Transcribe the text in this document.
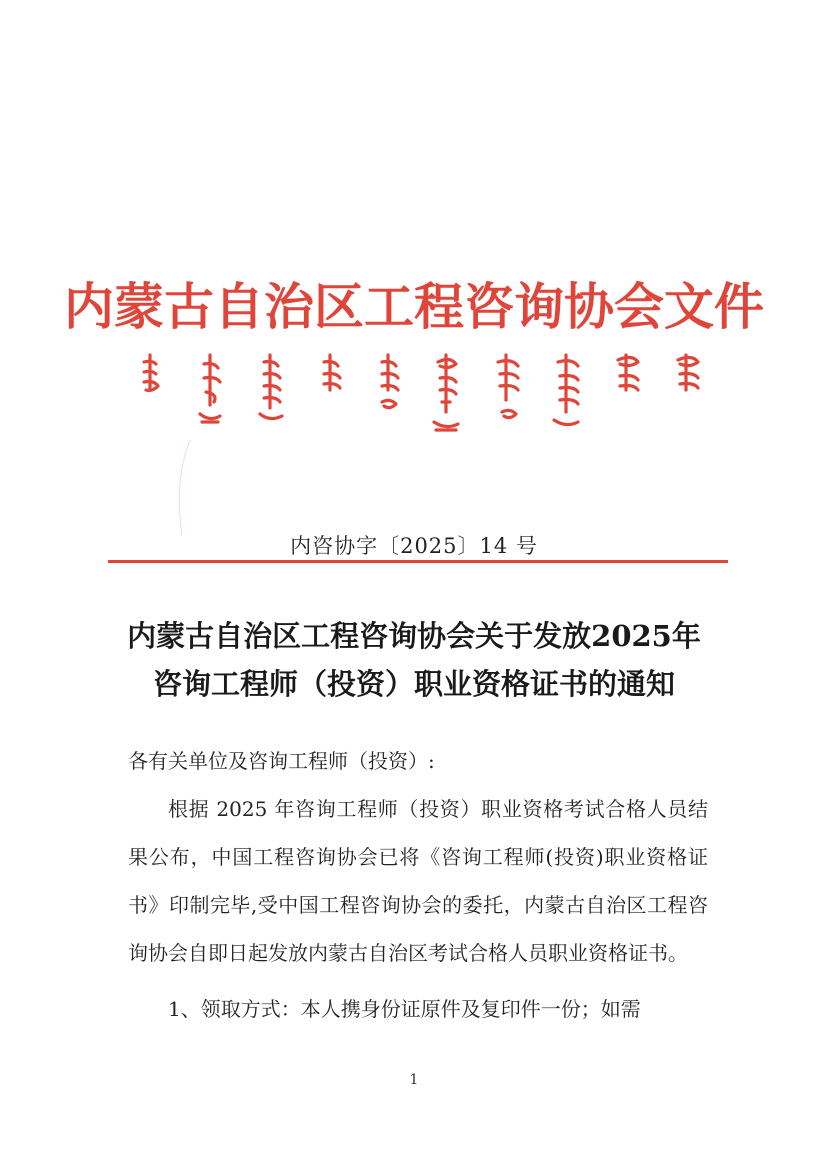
内蒙古自治区工程咨询协会文件
内咨协字〔2025〕14 号
内蒙古自治区工程咨询协会关于发放2025年
咨询工程师（投资）职业资格证书的通知
各有关单位及咨询工程师（投资）:

根据 2025 年咨询工程师（投资）职业资格考试合格人员结果公布，中国工程咨询协会已将《咨询工程师(投资)职业资格证书》印制完毕,受中国工程咨询协会的委托，内蒙古自治区工程咨询协会自即日起发放内蒙古自治区考试合格人员职业资格证书。

1、领取方式：本人携身份证原件及复印件一份；如需

1
